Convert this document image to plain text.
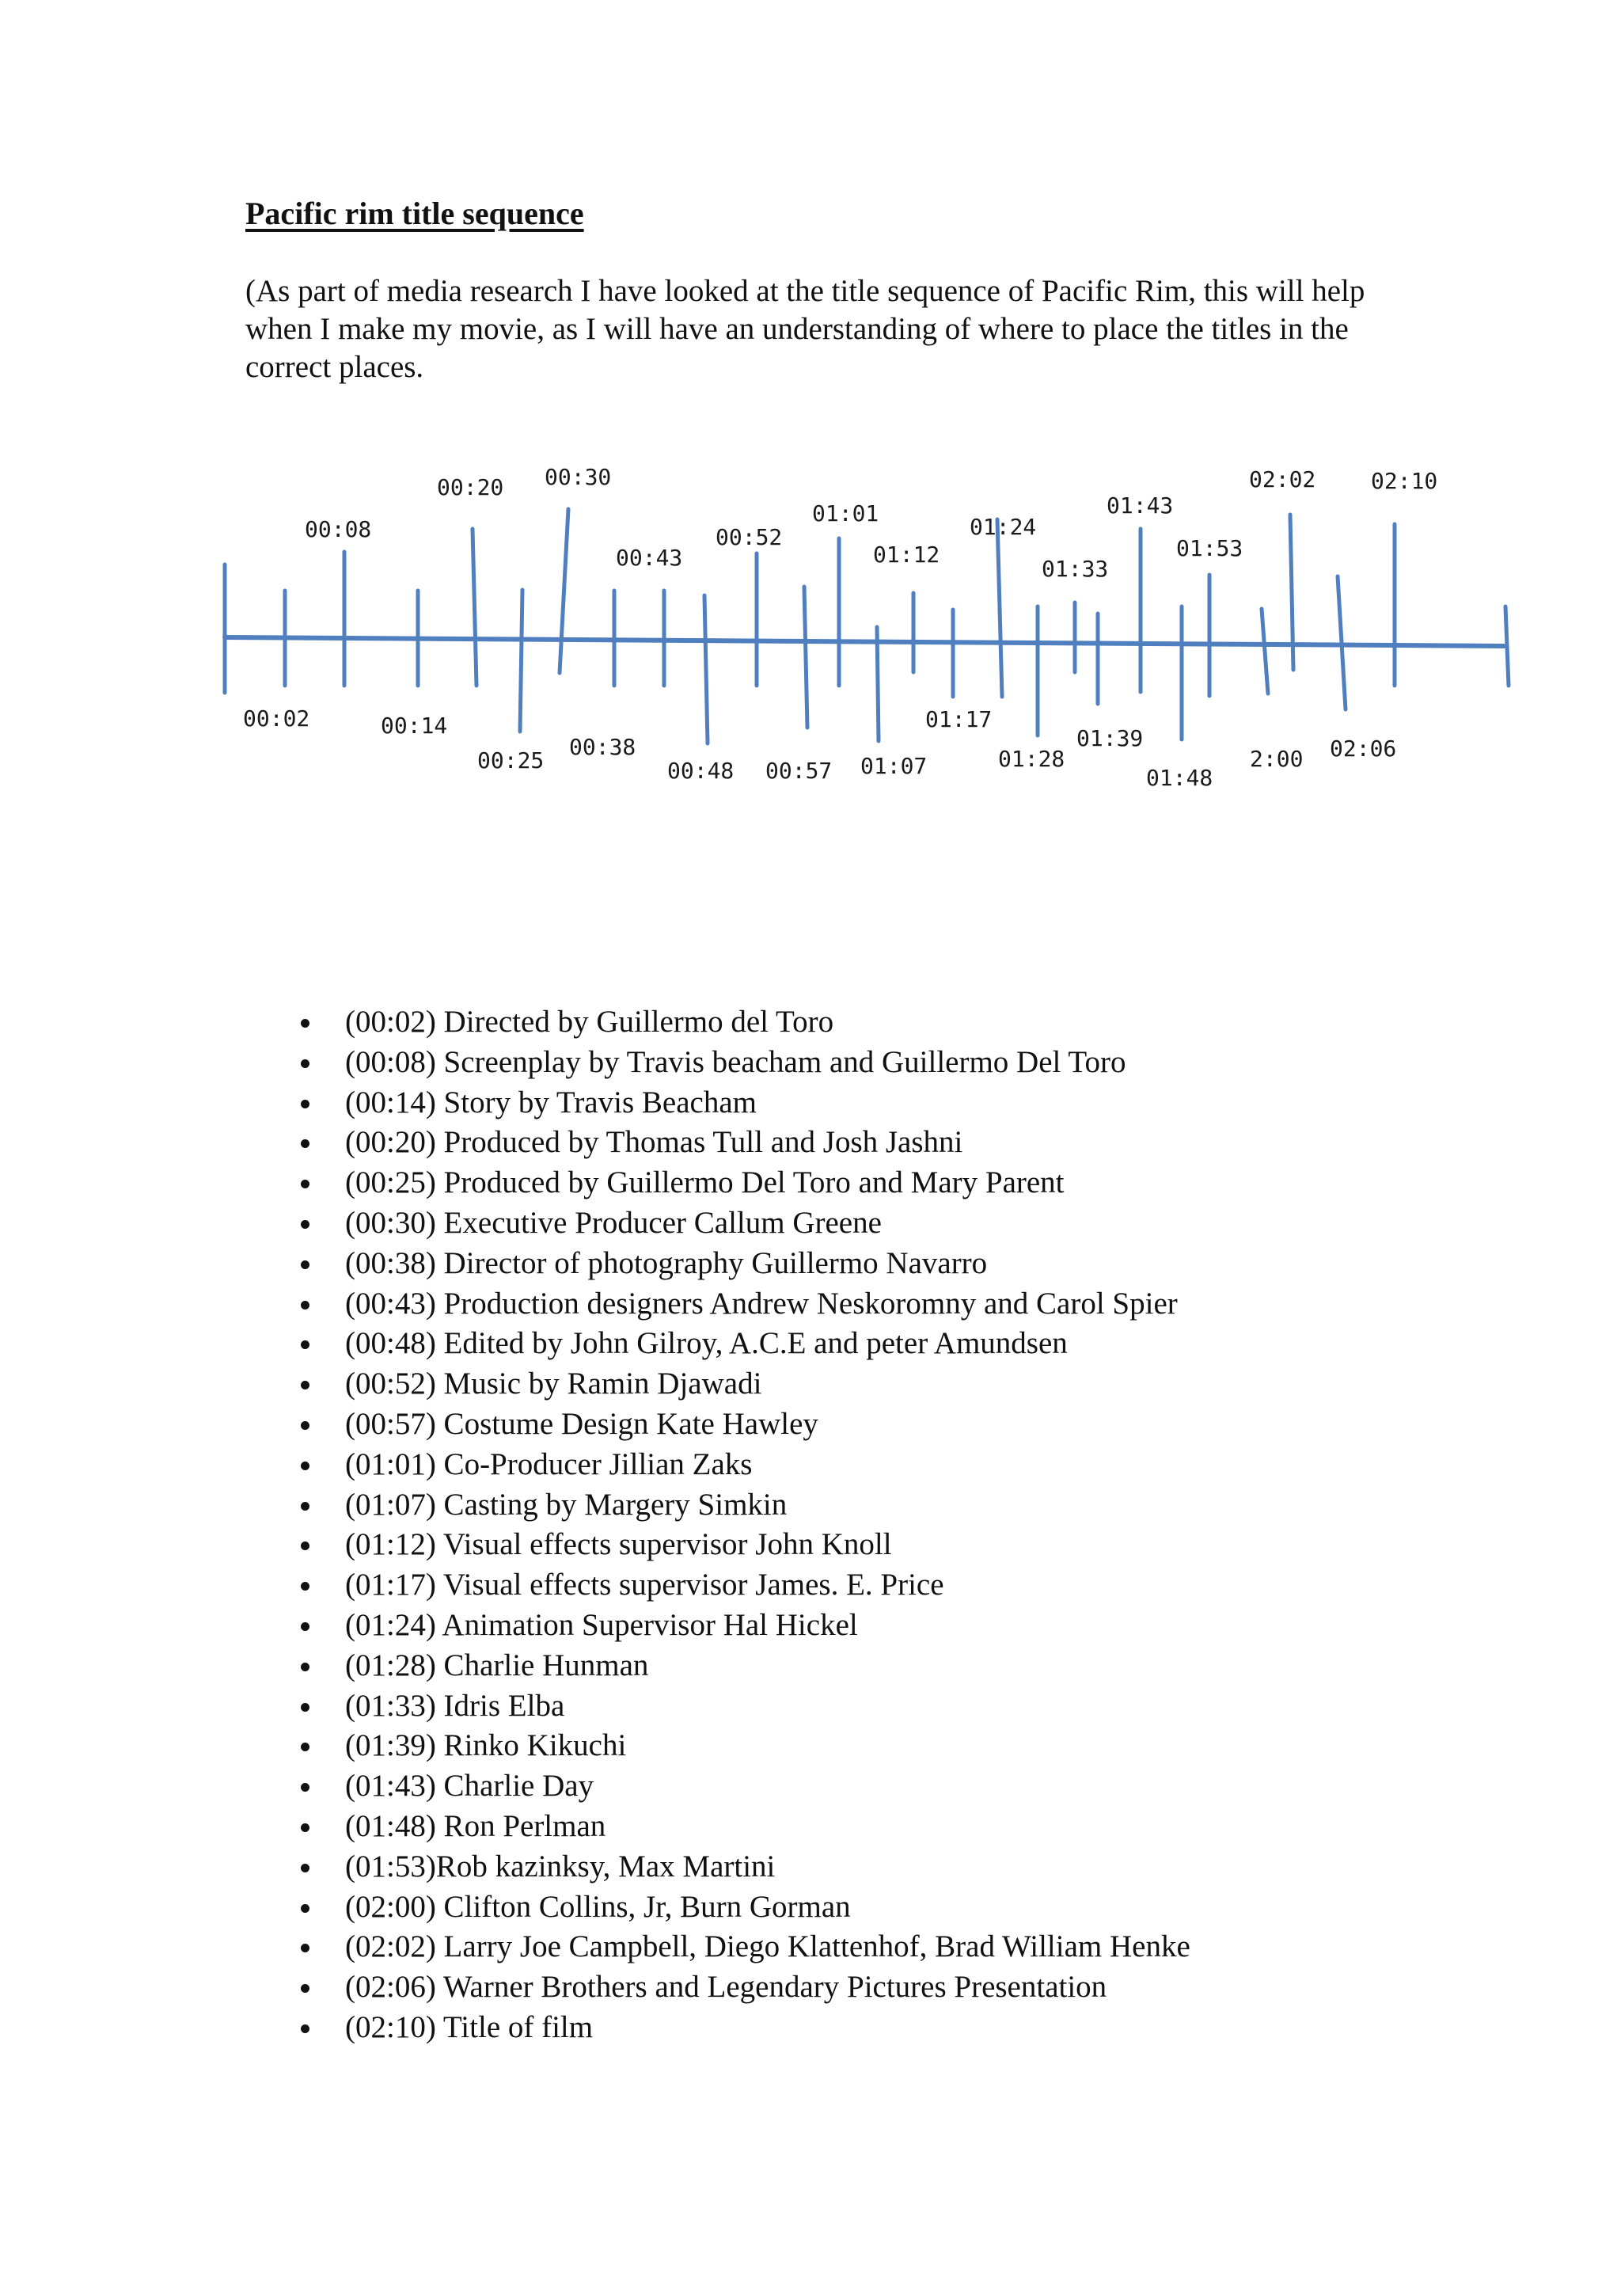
Pacific rim title sequence

(As part of media research I have looked at the title sequence of Pacific Rim, this will help when I make my movie, as I will have an understanding of where to place the titles in the correct places.

00:08
00:20 00:30
00:43
00:52
01:01
01:12
01:24
01:33
01:43
01:53
02:02 02:10
00:02	00:14
00:25
00:38
00:48 00:57 01:07
01:17
01:28
01:39
01:48
2:00 02:06
(00:02) Directed by Guillermo del Toro
(00:08) Screenplay by Travis beacham and Guillermo Del Toro
(00:14) Story by Travis Beacham
(00:20) Produced by Thomas Tull and Josh Jashni
(00:25) Produced by Guillermo Del Toro and Mary Parent
(00:30) Executive Producer Callum Greene
(00:38) Director of photography Guillermo Navarro
(00:43) Production designers Andrew Neskoromny and Carol Spier
(00:48) Edited by John Gilroy, A.C.E and peter Amundsen
(00:52) Music by Ramin Djawadi
(00:57) Costume Design Kate Hawley
(01:01) Co-Producer Jillian Zaks
(01:07) Casting by Margery Simkin
(01:12) Visual effects supervisor John Knoll
(01:17) Visual effects supervisor James. E. Price
(01:24) Animation Supervisor Hal Hickel
(01:28) Charlie Hunman
(01:33) Idris Elba
(01:39) Rinko Kikuchi
(01:43) Charlie Day
(01:48) Ron Perlman
(01:53)Rob kazinksy, Max Martini
(02:00) Clifton Collins, Jr, Burn Gorman
(02:02) Larry Joe Campbell, Diego Klattenhof, Brad William Henke
(02:06) Warner Brothers and Legendary Pictures Presentation
(02:10) Title of film
